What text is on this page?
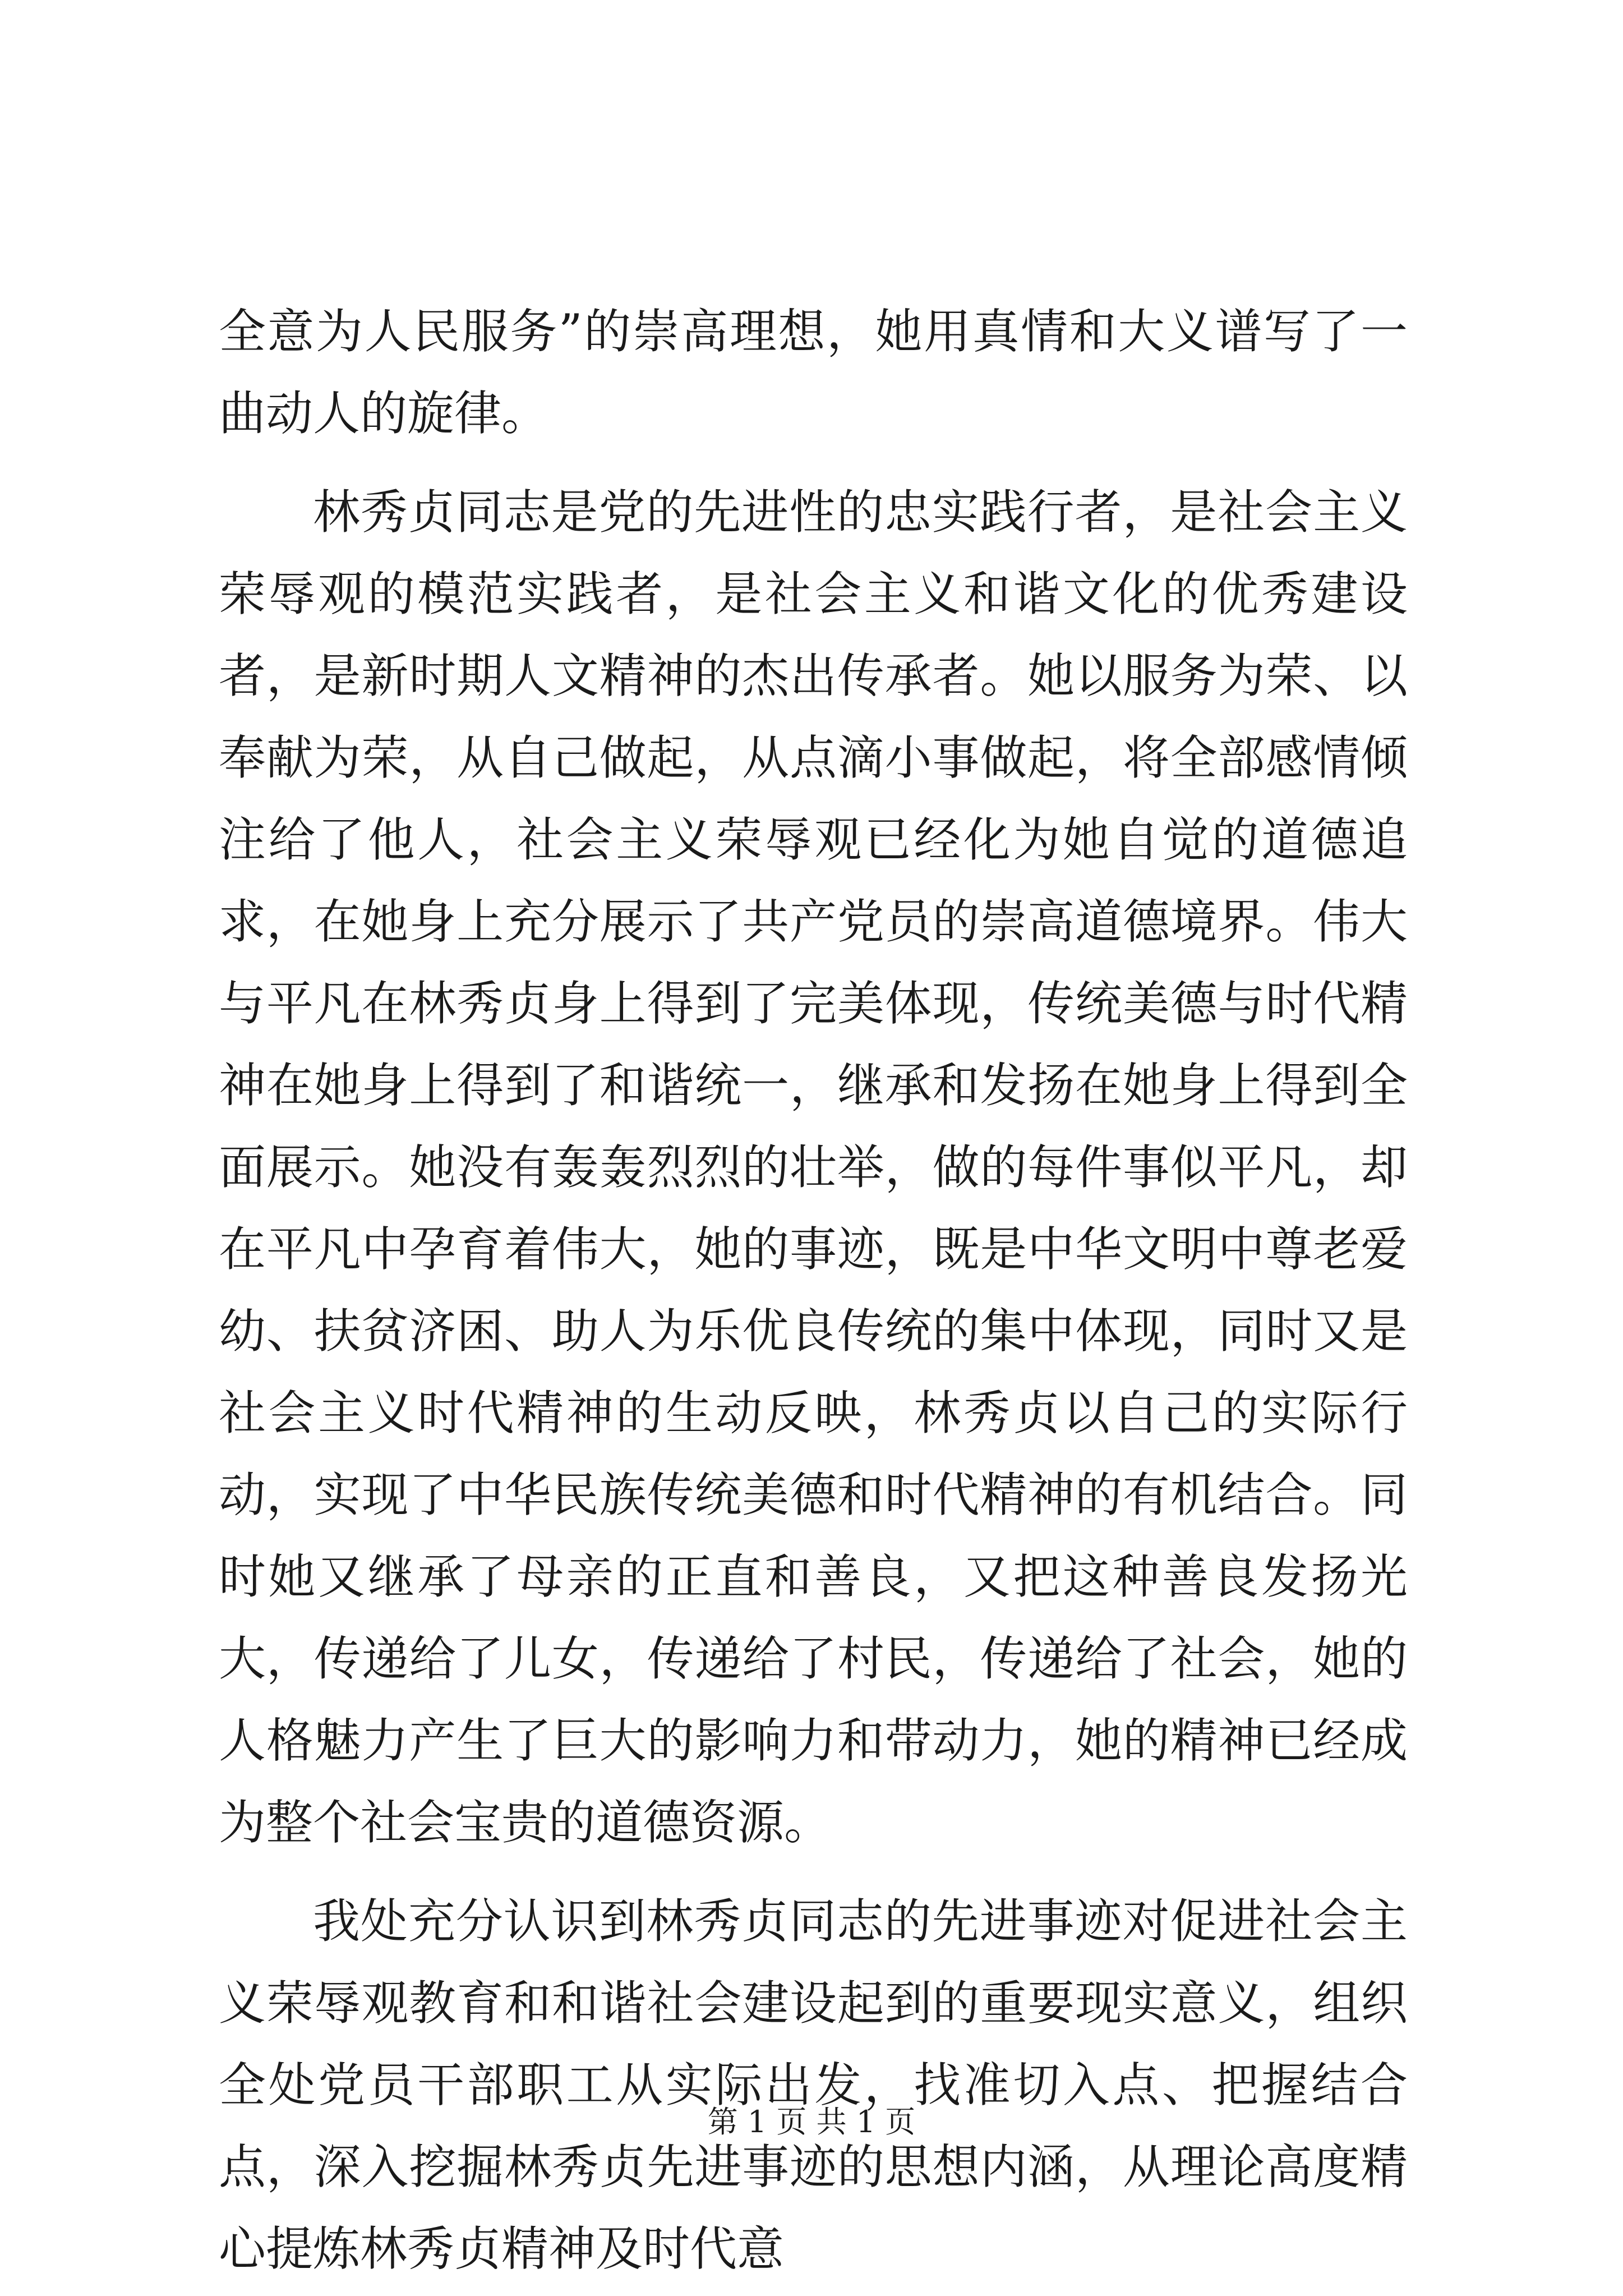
全意为人民服务”的崇高理想，她用真情和大义谱写了一曲动人的旋律。

林秀贞同志是党的先进性的忠实践行者，是社会主义荣辱观的模范实践者，是社会主义和谐文化的优秀建设者，是新时期人文精神的杰出传承者。她以服务为荣、以奉献为荣，从自己做起，从点滴小事做起，将全部感情倾注给了他人，社会主义荣辱观已经化为她自觉的道德追求，在她身上充分展示了共产党员的崇高道德境界。伟大与平凡在林秀贞身上得到了完美体现，传统美德与时代精神在她身上得到了和谐统一，继承和发扬在她身上得到全面展示。她没有轰轰烈烈的壮举，做的每件事似平凡，却在平凡中孕育着伟大，她的事迹，既是中华文明中尊老爱幼、扶贫济困、助人为乐优良传统的集中体现，同时又是社会主义时代精神的生动反映，林秀贞以自己的实际行动，实现了中华民族传统美德和时代精神的有机结合。同时她又继承了母亲的正直和善良，又把这种善良发扬光大，传递给了儿女，传递给了村民，传递给了社会，她的人格魅力产生了巨大的影响力和带动力，她的精神已经成为整个社会宝贵的道德资源。

我处充分认识到林秀贞同志的先进事迹对促进社会主义荣辱观教育和和谐社会建设起到的重要现实意义，组织全处党员干部职工从实际出发，找准切入点、把握结合点，深入挖掘林秀贞先进事迹的思想内涵，从理论高度精心提炼林秀贞精神及时代意

第 1 页 共 1 页
